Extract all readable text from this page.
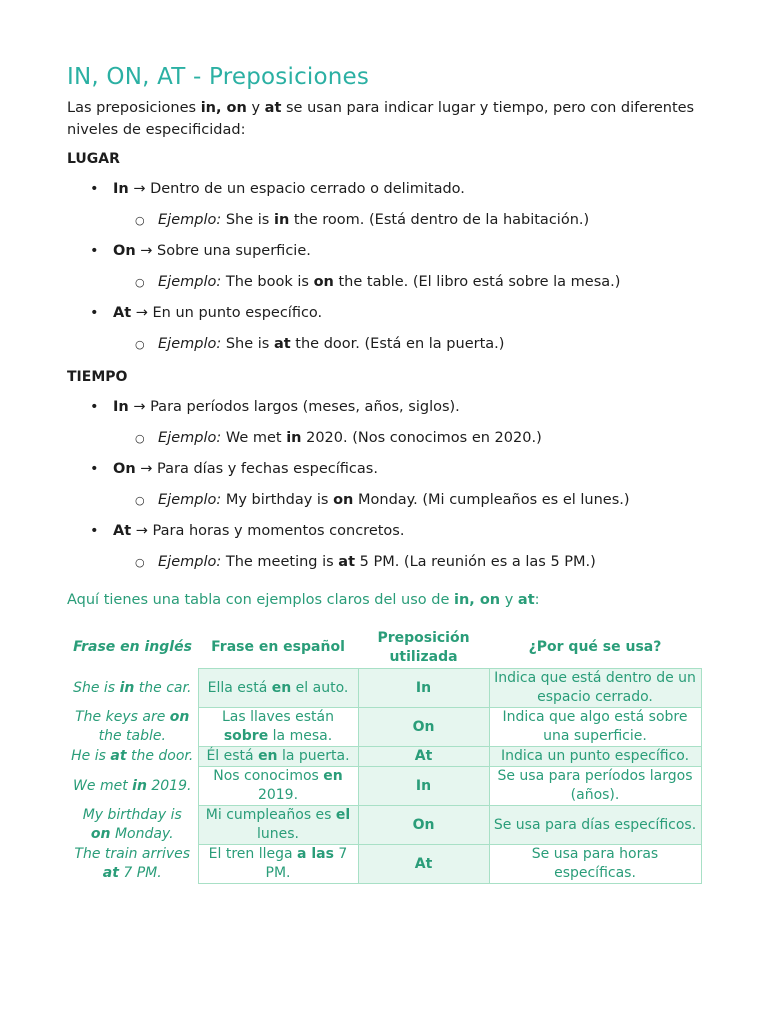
IN, ON, AT - Preposiciones

Las preposiciones in, on y at se usan para indicar lugar y tiempo, pero con diferentes niveles de especificidad:

LUGAR
• In → Dentro de un espacio cerrado o delimitado.
○ Ejemplo: She is in the room. (Está dentro de la habitación.)
• On → Sobre una superficie.
○ Ejemplo: The book is on the table. (El libro está sobre la mesa.)
• At → En un punto específico.
○ Ejemplo: She is at the door. (Está en la puerta.)
TIEMPO
• In → Para períodos largos (meses, años, siglos).
○ Ejemplo: We met in 2020. (Nos conocimos en 2020.)
• On → Para días y fechas específicas.
○ Ejemplo: My birthday is on Monday. (Mi cumpleaños es el lunes.)
• At → Para horas y momentos concretos.
○ Ejemplo: The meeting is at 5 PM. (La reunión es a las 5 PM.)

Aquí tienes una tabla con ejemplos claros del uso de in, on y at:

Frase en inglés	Frase en español	Preposición utilizada	¿Por qué se usa?
She is in the car.	Ella está en el auto.	In	Indica que está dentro de un espacio cerrado.
The keys are on the table.	Las llaves están sobre la mesa.	On	Indica que algo está sobre una superficie.
He is at the door.	Él está en la puerta.	At	Indica un punto específico.
We met in 2019.	Nos conocimos en 2019.	In	Se usa para períodos largos (años).
My birthday is on Monday.	Mi cumpleaños es el lunes.	On	Se usa para días específicos.
The train arrives at 7 PM.	El tren llega a las 7 PM.	At	Se usa para horas específicas.
